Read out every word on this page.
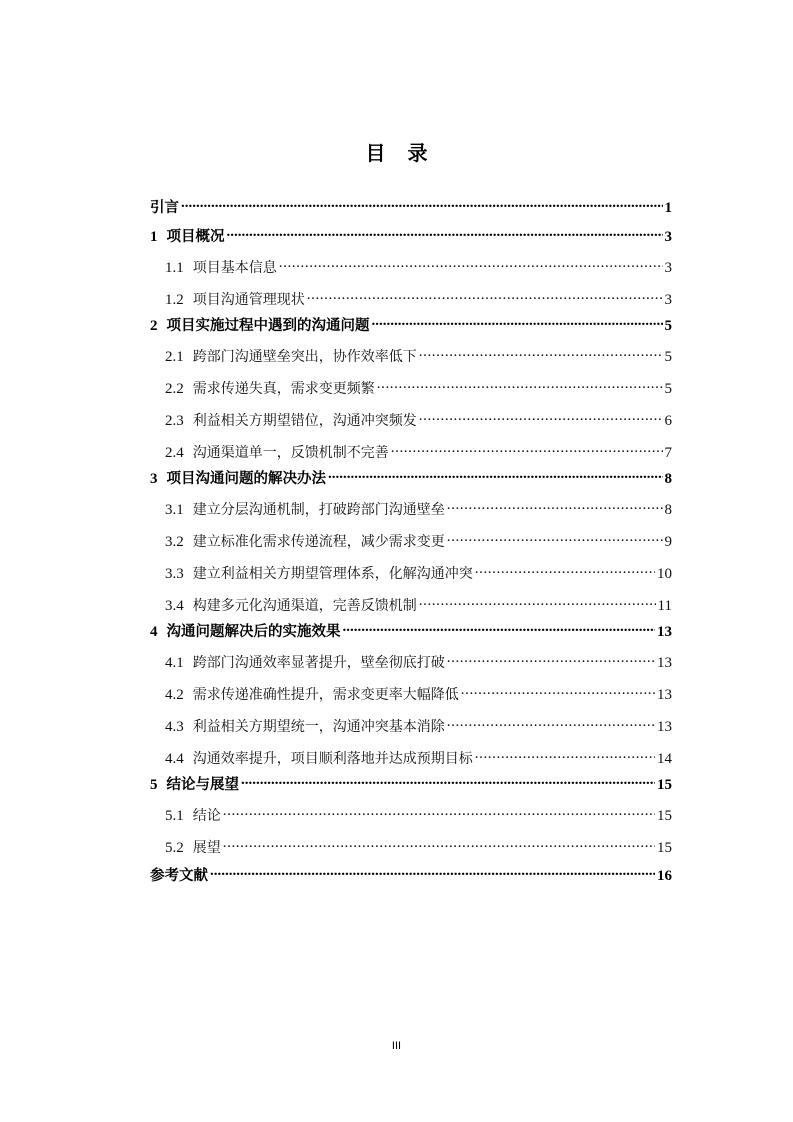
目录
引言 .....	1
1 项目概况 .....	3
1.1 项目基本信息 .....	3
1.2 项目沟通管理现状 .....	3
2 项目实施过程中遇到的沟通问题 .....	5
2.1 跨部门沟通壁垒突出，协作效率低下 .....	5
2.2 需求传递失真，需求变更频繁 .....	5
2.3 利益相关方期望错位，沟通冲突频发 .....	6
2.4 沟通渠道单一，反馈机制不完善 .....	7
3 项目沟通问题的解决办法 .....	8
3.1 建立分层沟通机制，打破跨部门沟通壁垒 .....	8
3.2 建立标准化需求传递流程，减少需求变更 .....	9
3.3 建立利益相关方期望管理体系，化解沟通冲突 .....	10
3.4 构建多元化沟通渠道，完善反馈机制 .....	11
4 沟通问题解决后的实施效果 .....	13
4.1 跨部门沟通效率显著提升，壁垒彻底打破 .....	13
4.2 需求传递准确性提升，需求变更率大幅降低 .....	13
4.3 利益相关方期望统一，沟通冲突基本消除 .....	13
4.4 沟通效率提升，项目顺利落地并达成预期目标 .....	14
5 结论与展望 .....	15
5.1 结论 .....	15
5.2 展望 .....	15
参考文献 .....	16
III
